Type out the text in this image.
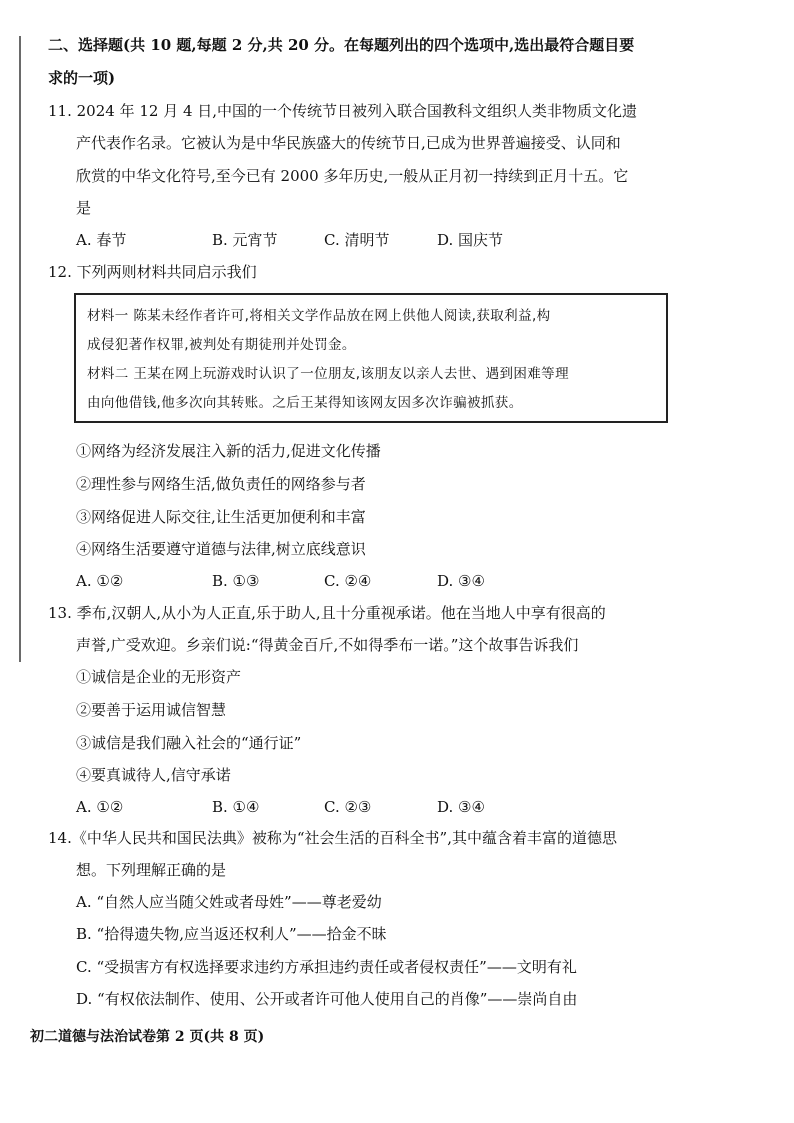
二、选择题(共 10 题,每题 2 分,共 20 分。在每题列出的四个选项中,选出最符合题目要
求的一项)
11. 2024 年 12 月 4 日,中国的一个传统节日被列入联合国教科文组织人类非物质文化遗
产代表作名录。它被认为是中华民族盛大的传统节日,已成为世界普遍接受、认同和
欣赏的中华文化符号,至今已有 2000 多年历史,一般从正月初一持续到正月十五。它
是
A. 春节	B. 元宵节	C. 清明节	D. 国庆节
12. 下列两则材料共同启示我们
材料一 陈某未经作者许可,将相关文学作品放在网上供他人阅读,获取利益,构
成侵犯著作权罪,被判处有期徒刑并处罚金。
材料二 王某在网上玩游戏时认识了一位朋友,该朋友以亲人去世、遇到困难等理
由向他借钱,他多次向其转账。之后王某得知该网友因多次诈骗被抓获。
①网络为经济发展注入新的活力,促进文化传播
②理性参与网络生活,做负责任的网络参与者
③网络促进人际交往,让生活更加便利和丰富
④网络生活要遵守道德与法律,树立底线意识
A. ①②	B. ①③	C. ②④	D. ③④
13. 季布,汉朝人,从小为人正直,乐于助人,且十分重视承诺。他在当地人中享有很高的
声誉,广受欢迎。乡亲们说:“得黄金百斤,不如得季布一诺。”这个故事告诉我们
①诚信是企业的无形资产
②要善于运用诚信智慧
③诚信是我们融入社会的“通行证”
④要真诚待人,信守承诺
A. ①②	B. ①④	C. ②③	D. ③④
14.《中华人民共和国民法典》被称为“社会生活的百科全书”,其中蕴含着丰富的道德思
想。下列理解正确的是
A. “自然人应当随父姓或者母姓”——尊老爱幼
B. “拾得遗失物,应当返还权利人”——拾金不昧
C. “受损害方有权选择要求违约方承担违约责任或者侵权责任”——文明有礼
D. “有权依法制作、使用、公开或者许可他人使用自己的肖像”——崇尚自由
初二道德与法治试卷第 2 页(共 8 页)
